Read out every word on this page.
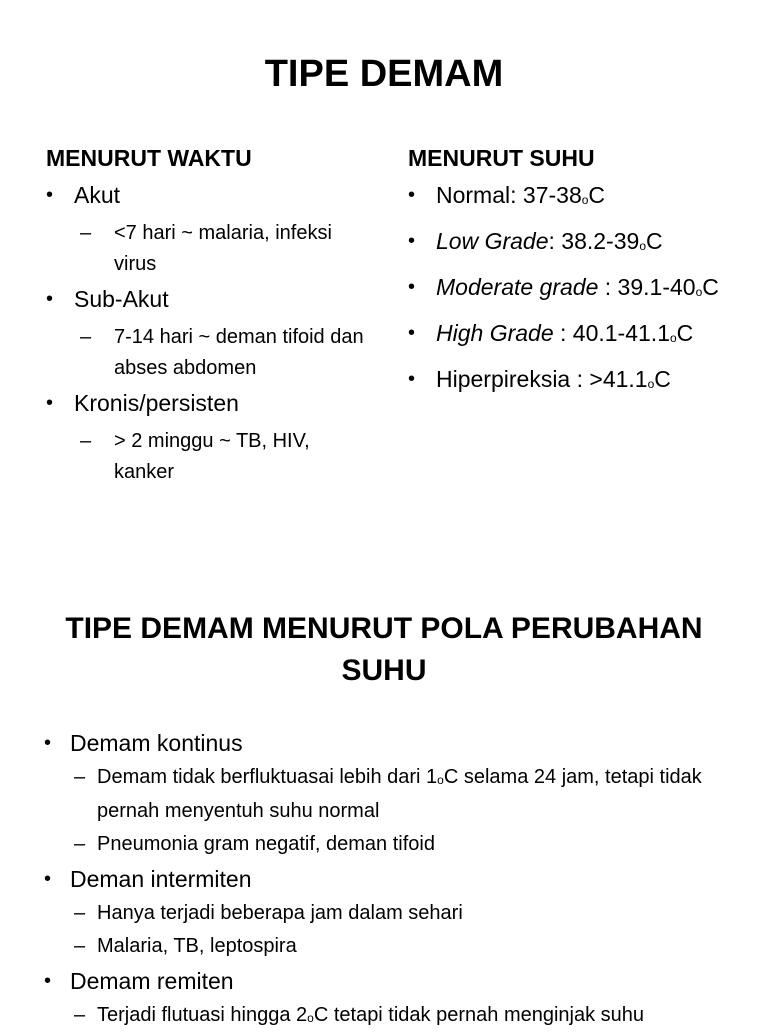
TIPE DEMAM
MENURUT WAKTU
• Akut
– <7 hari ~ malaria, infeksi virus
• Sub-Akut
– 7-14 hari ~ deman tifoid dan abses abdomen
• Kronis/persisten
– > 2 minggu ~ TB, HIV, kanker
MENURUT SUHU
• Normal: 37-38oC
• Low Grade: 38.2-39oC
• Moderate grade : 39.1-40oC
• High Grade : 40.1-41.1oC
• Hiperpireksia : >41.1oC
TIPE DEMAM MENURUT POLA PERUBAHAN SUHU
• Demam kontinus
– Demam tidak berfluktuasai lebih dari 1oC selama 24 jam, tetapi tidak pernah menyentuh suhu normal
– Pneumonia gram negatif, deman tifoid
• Deman intermiten
– Hanya terjadi beberapa jam dalam sehari
– Malaria, TB, leptospira
• Demam remiten
– Terjadi flutuasi hingga 2oC tetapi tidak pernah menginjak suhu
